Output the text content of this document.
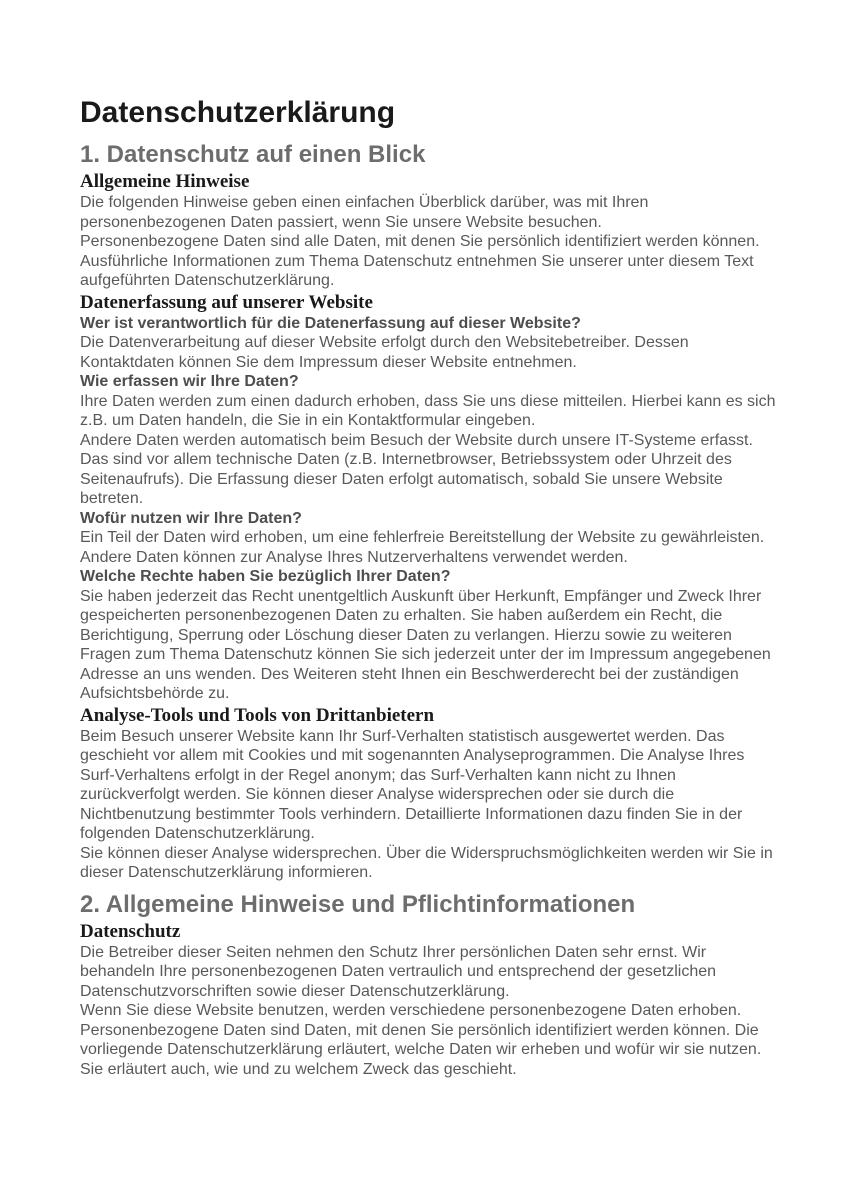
Datenschutzerklärung
1. Datenschutz auf einen Blick
Allgemeine Hinweise

Die folgenden Hinweise geben einen einfachen Überblick darüber, was mit Ihren personenbezogenen Daten passiert, wenn Sie unsere Website besuchen.

Personenbezogene Daten sind alle Daten, mit denen Sie persönlich identifiziert werden können. Ausführliche Informationen zum Thema Datenschutz entnehmen Sie unserer unter diesem Text aufgeführten Datenschutzerklärung.

Datenerfassung auf unserer Website
Wer ist verantwortlich für die Datenerfassung auf dieser Website?

Die Datenverarbeitung auf dieser Website erfolgt durch den Websitebetreiber. Dessen Kontaktdaten können Sie dem Impressum dieser Website entnehmen.

Wie erfassen wir Ihre Daten?

Ihre Daten werden zum einen dadurch erhoben, dass Sie uns diese mitteilen. Hierbei kann es sich z.B. um Daten handeln, die Sie in ein Kontaktformular eingeben.

Andere Daten werden automatisch beim Besuch der Website durch unsere IT-Systeme erfasst. Das sind vor allem technische Daten (z.B. Internetbrowser, Betriebssystem oder Uhrzeit des Seitenaufrufs). Die Erfassung dieser Daten erfolgt automatisch, sobald Sie unsere Website betreten.

Wofür nutzen wir Ihre Daten?

Ein Teil der Daten wird erhoben, um eine fehlerfreie Bereitstellung der Website zu gewährleisten. Andere Daten können zur Analyse Ihres Nutzerverhaltens verwendet werden.

Welche Rechte haben Sie bezüglich Ihrer Daten?

Sie haben jederzeit das Recht unentgeltlich Auskunft über Herkunft, Empfänger und Zweck Ihrer gespeicherten personenbezogenen Daten zu erhalten. Sie haben außerdem ein Recht, die Berichtigung, Sperrung oder Löschung dieser Daten zu verlangen. Hierzu sowie zu weiteren Fragen zum Thema Datenschutz können Sie sich jederzeit unter der im Impressum angegebenen Adresse an uns wenden. Des Weiteren steht Ihnen ein Beschwerderecht bei der zuständigen Aufsichtsbehörde zu.

Analyse-Tools und Tools von Drittanbietern

Beim Besuch unserer Website kann Ihr Surf-Verhalten statistisch ausgewertet werden. Das geschieht vor allem mit Cookies und mit sogenannten Analyseprogrammen. Die Analyse Ihres Surf-Verhaltens erfolgt in der Regel anonym; das Surf-Verhalten kann nicht zu Ihnen zurückverfolgt werden. Sie können dieser Analyse widersprechen oder sie durch die Nichtbenutzung bestimmter Tools verhindern. Detaillierte Informationen dazu finden Sie in der folgenden Datenschutzerklärung.

Sie können dieser Analyse widersprechen. Über die Widerspruchsmöglichkeiten werden wir Sie in dieser Datenschutzerklärung informieren.

2. Allgemeine Hinweise und Pflichtinformationen
Datenschutz

Die Betreiber dieser Seiten nehmen den Schutz Ihrer persönlichen Daten sehr ernst. Wir behandeln Ihre personenbezogenen Daten vertraulich und entsprechend der gesetzlichen Datenschutzvorschriften sowie dieser Datenschutzerklärung.

Wenn Sie diese Website benutzen, werden verschiedene personenbezogene Daten erhoben. Personenbezogene Daten sind Daten, mit denen Sie persönlich identifiziert werden können. Die vorliegende Datenschutzerklärung erläutert, welche Daten wir erheben und wofür wir sie nutzen. Sie erläutert auch, wie und zu welchem Zweck das geschieht.
